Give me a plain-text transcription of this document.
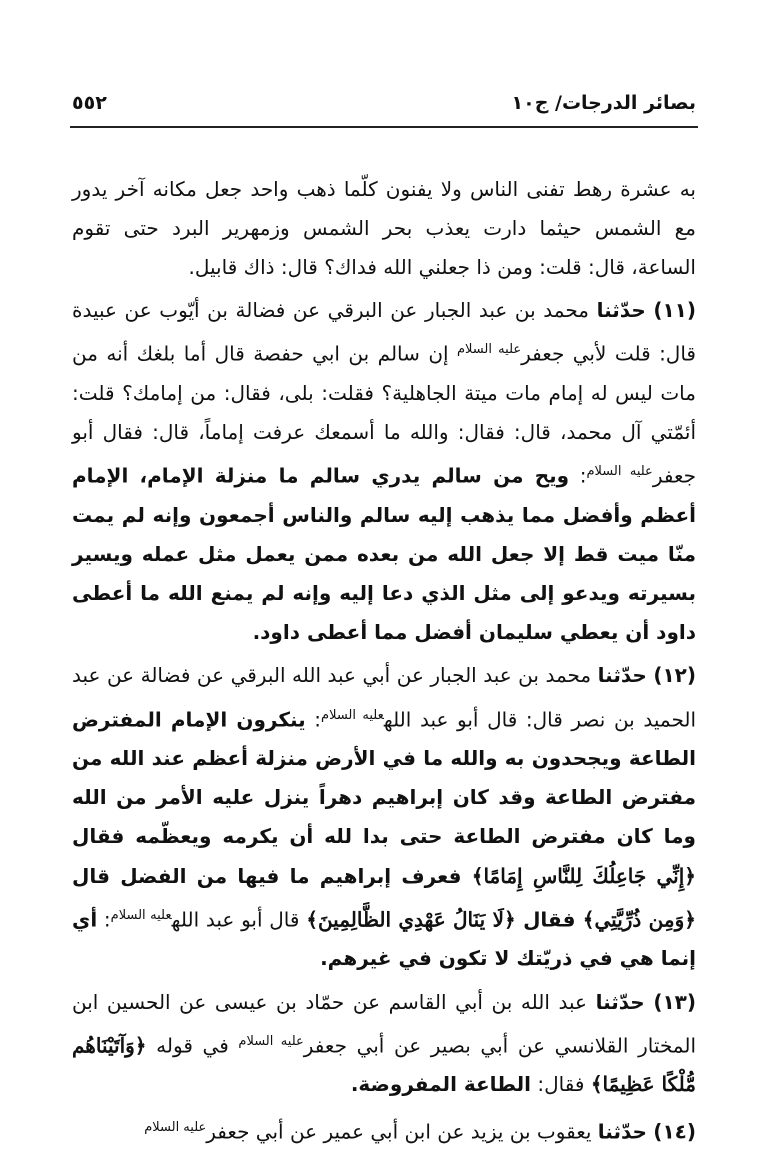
بصائر الدرجات/ ج١٠
٥٥٢

به عشرة رهط تفنى الناس ولا يفنون كلّما ذهب واحد جعل مكانه آخر يدور مع الشمس حيثما دارت يعذب بحر الشمس وزمهرير البرد حتى تقوم الساعة، قال: قلت: ومن ذا جعلني الله فداك؟ قال: ذاك قابيل.

(١١) حدّثنا محمد بن عبد الجبار عن البرقي عن فضالة بن أيّوب عن عبيدة قال: قلت لأبي جعفر$^{عليه السلام}$ إن سالم بن ابي حفصة قال أما بلغك أنه من مات ليس له إمام مات ميتة الجاهلية؟ فقلت: بلى، فقال: من إمامك؟ قلت: أئمّتي آل محمد، قال: فقال: والله ما أسمعك عرفت إماماً، قال: فقال أبو جعفر$^{عليه السلام}$: ويح من سالم يدري سالم ما منزلة الإمام، الإمام أعظم وأفضل مما يذهب إليه سالم والناس أجمعون وإنه لم يمت منّا ميت قط إلا جعل الله من بعده ممن يعمل مثل عمله ويسير بسيرته ويدعو إلى مثل الذي دعا إليه وإنه لم يمنع الله ما أعطى داود أن يعطي سليمان أفضل مما أعطى داود.

(١٢) حدّثنا محمد بن عبد الجبار عن أبي عبد الله البرقي عن فضالة عن عبد الحميد بن نصر قال: قال أبو عبد الله$^{عليه السلام}$: ينكرون الإمام المفترض الطاعة ويجحدون به والله ما في الأرض منزلة أعظم عند الله من مفترض الطاعة وقد كان إبراهيم دهراً ينزل عليه الأمر من الله وما كان مفترض الطاعة حتى بدا لله أن يكرمه ويعظّمه فقال ﴿إِنِّي جَاعِلُكَ لِلنَّاسِ إِمَامًا﴾ فعرف إبراهيم ما فيها من الفضل قال ﴿وَمِن ذُرِّيَّتِي﴾ فقال ﴿لَا يَنَالُ عَهْدِي الظَّالِمِينَ﴾ قال أبو عبد الله$^{عليه السلام}$: أي إنما هي في ذريّتك لا تكون في غيرهم.

(١٣) حدّثنا عبد الله بن أبي القاسم عن حمّاد بن عيسى عن الحسين ابن المختار القلانسي عن أبي بصير عن أبي جعفر$^{عليه السلام}$ في قوله ﴿وَآتَيْنَاهُم مُّلْكًا عَظِيمًا﴾ فقال: الطاعة المفروضة.

(١٤) حدّثنا يعقوب بن يزيد عن ابن أبي عمير عن أبي جعفر$^{عليه السلام}$
